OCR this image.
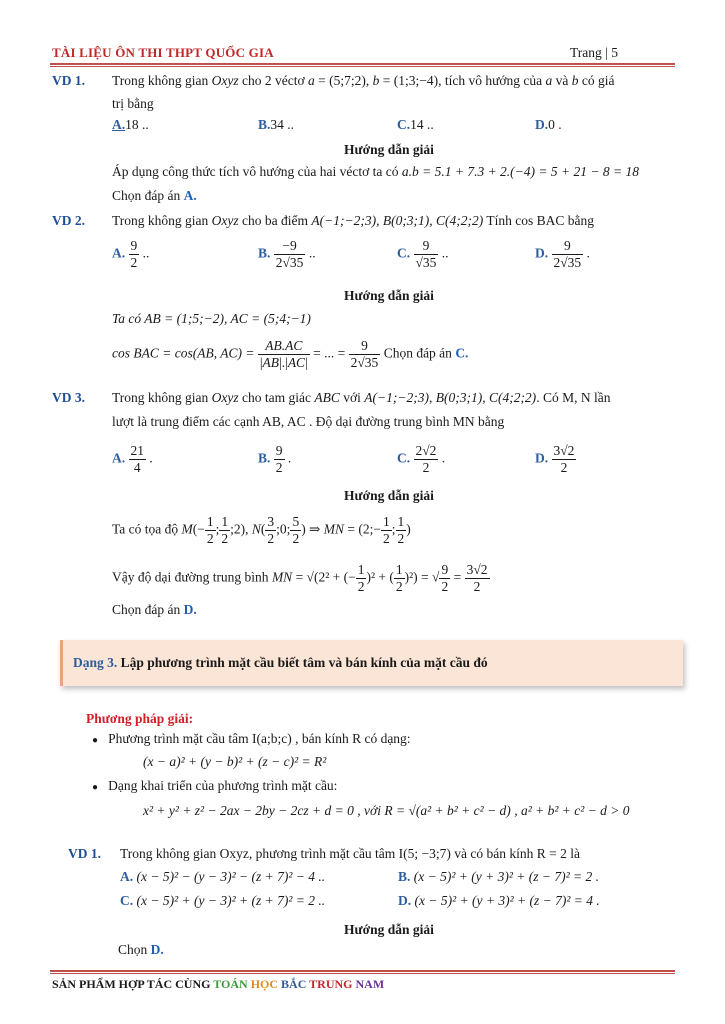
TÀI LIỆU ÔN THI THPT QUỐC GIA	Trang | 5
VD 1. Trong không gian Oxyz cho 2 véctơ a = (5;7;2), b = (1;3;−4), tích vô hướng của a và b có giá
trị bằng
A.18 ..	B.34 ..	C.14 ..	D.0 .
Hướng dẫn giải
Áp dụng công thức tích vô hướng của hai véctơ ta có a.b = 5.1 + 7.3 + 2.(−4) = 5 + 21 − 8 = 18
Chọn đáp án A.
VD 2. Trong không gian Oxyz cho ba điểm A(−1;−2;3), B(0;3;1), C(4;2;2) Tính cos BAC bằng
A. $\frac{9}{2}$ ..	B. $\frac{-9}{2√35}$ ..	C. $\frac{9}{√35}$ ..	D. $\frac{9}{2√35}$ .
Hướng dẫn giải
Ta có AB = (1;5;−2), AC = (5;4;−1)
cos BAC = cos(AB, $AC) = \frac{AB.AC}{|AB|.|AC|}$ = ... = $\frac{9}{2√35}$ Chọn đáp án C.
VD 3. Trong không gian Oxyz cho tam giác ABC với A(−1;−2;3), B(0;3;1), C(4;2;2). Có M, N lần
lượt là trung điểm các cạnh AB, AC . Độ dại đường trung bình MN bằng
A. $\frac{21}{4}$ .	B. $\frac{9}{2}$ .	C. $\frac{2√2}{2}$ .	D. $\frac{3√2}{2}$
Hướng dẫn giải
Ta có tọa độ $M(- \frac{1}{2}$ ; $\frac{1}{2}$ ;2), $N( \frac{3}{2}$ ;0; $\frac{5}{2}$ ) ⇒ MN = (2;− $\frac{1}{2}$ ; $\frac{1}{2}$ )
Vậy độ dại đường trung bình MN = √(2² + (− $\frac{1}{2} )^2$ + ( $\frac{1}{2} )^2$) = √ $\frac{9}{2} = \frac{3√2}{2}$
Chọn đáp án D.
Dạng 3. Lập phương trình mặt cầu biết tâm và bán kính của mặt cầu đó
Phương pháp giải:
● Phương trình mặt cầu tâm I(a;b;c) , bán kính R có dạng:
(x − a)² + (y − b)² + (z − c)² = R²
● Dạng khai triển của phương trình mặt cầu:
x² + y² + z² − 2ax − 2by − 2cz + d = 0 , với R = √(a² + b² + c² − d) , a² + b² + c² − d > 0
VD 1. Trong không gian Oxyz, phương trình mặt cầu tâm I(5; −3;7) và có bán kính R = 2 là
A. (x − 5)² − (y − 3)² − (z + 7)² − 4 ..	B. (x − 5)² + (y + 3)² + (z − 7)² = 2 .
C. (x − 5)² + (y − 3)² + (z + 7)² = 2 ..	D. (x − 5)² + (y + 3)² + (z − 7)² = 4 .
Hướng dẫn giải
Chọn D.
SẢN PHẨM HỢP TÁC CÙNG TOÁN HỌC BẮC TRUNG NAM
